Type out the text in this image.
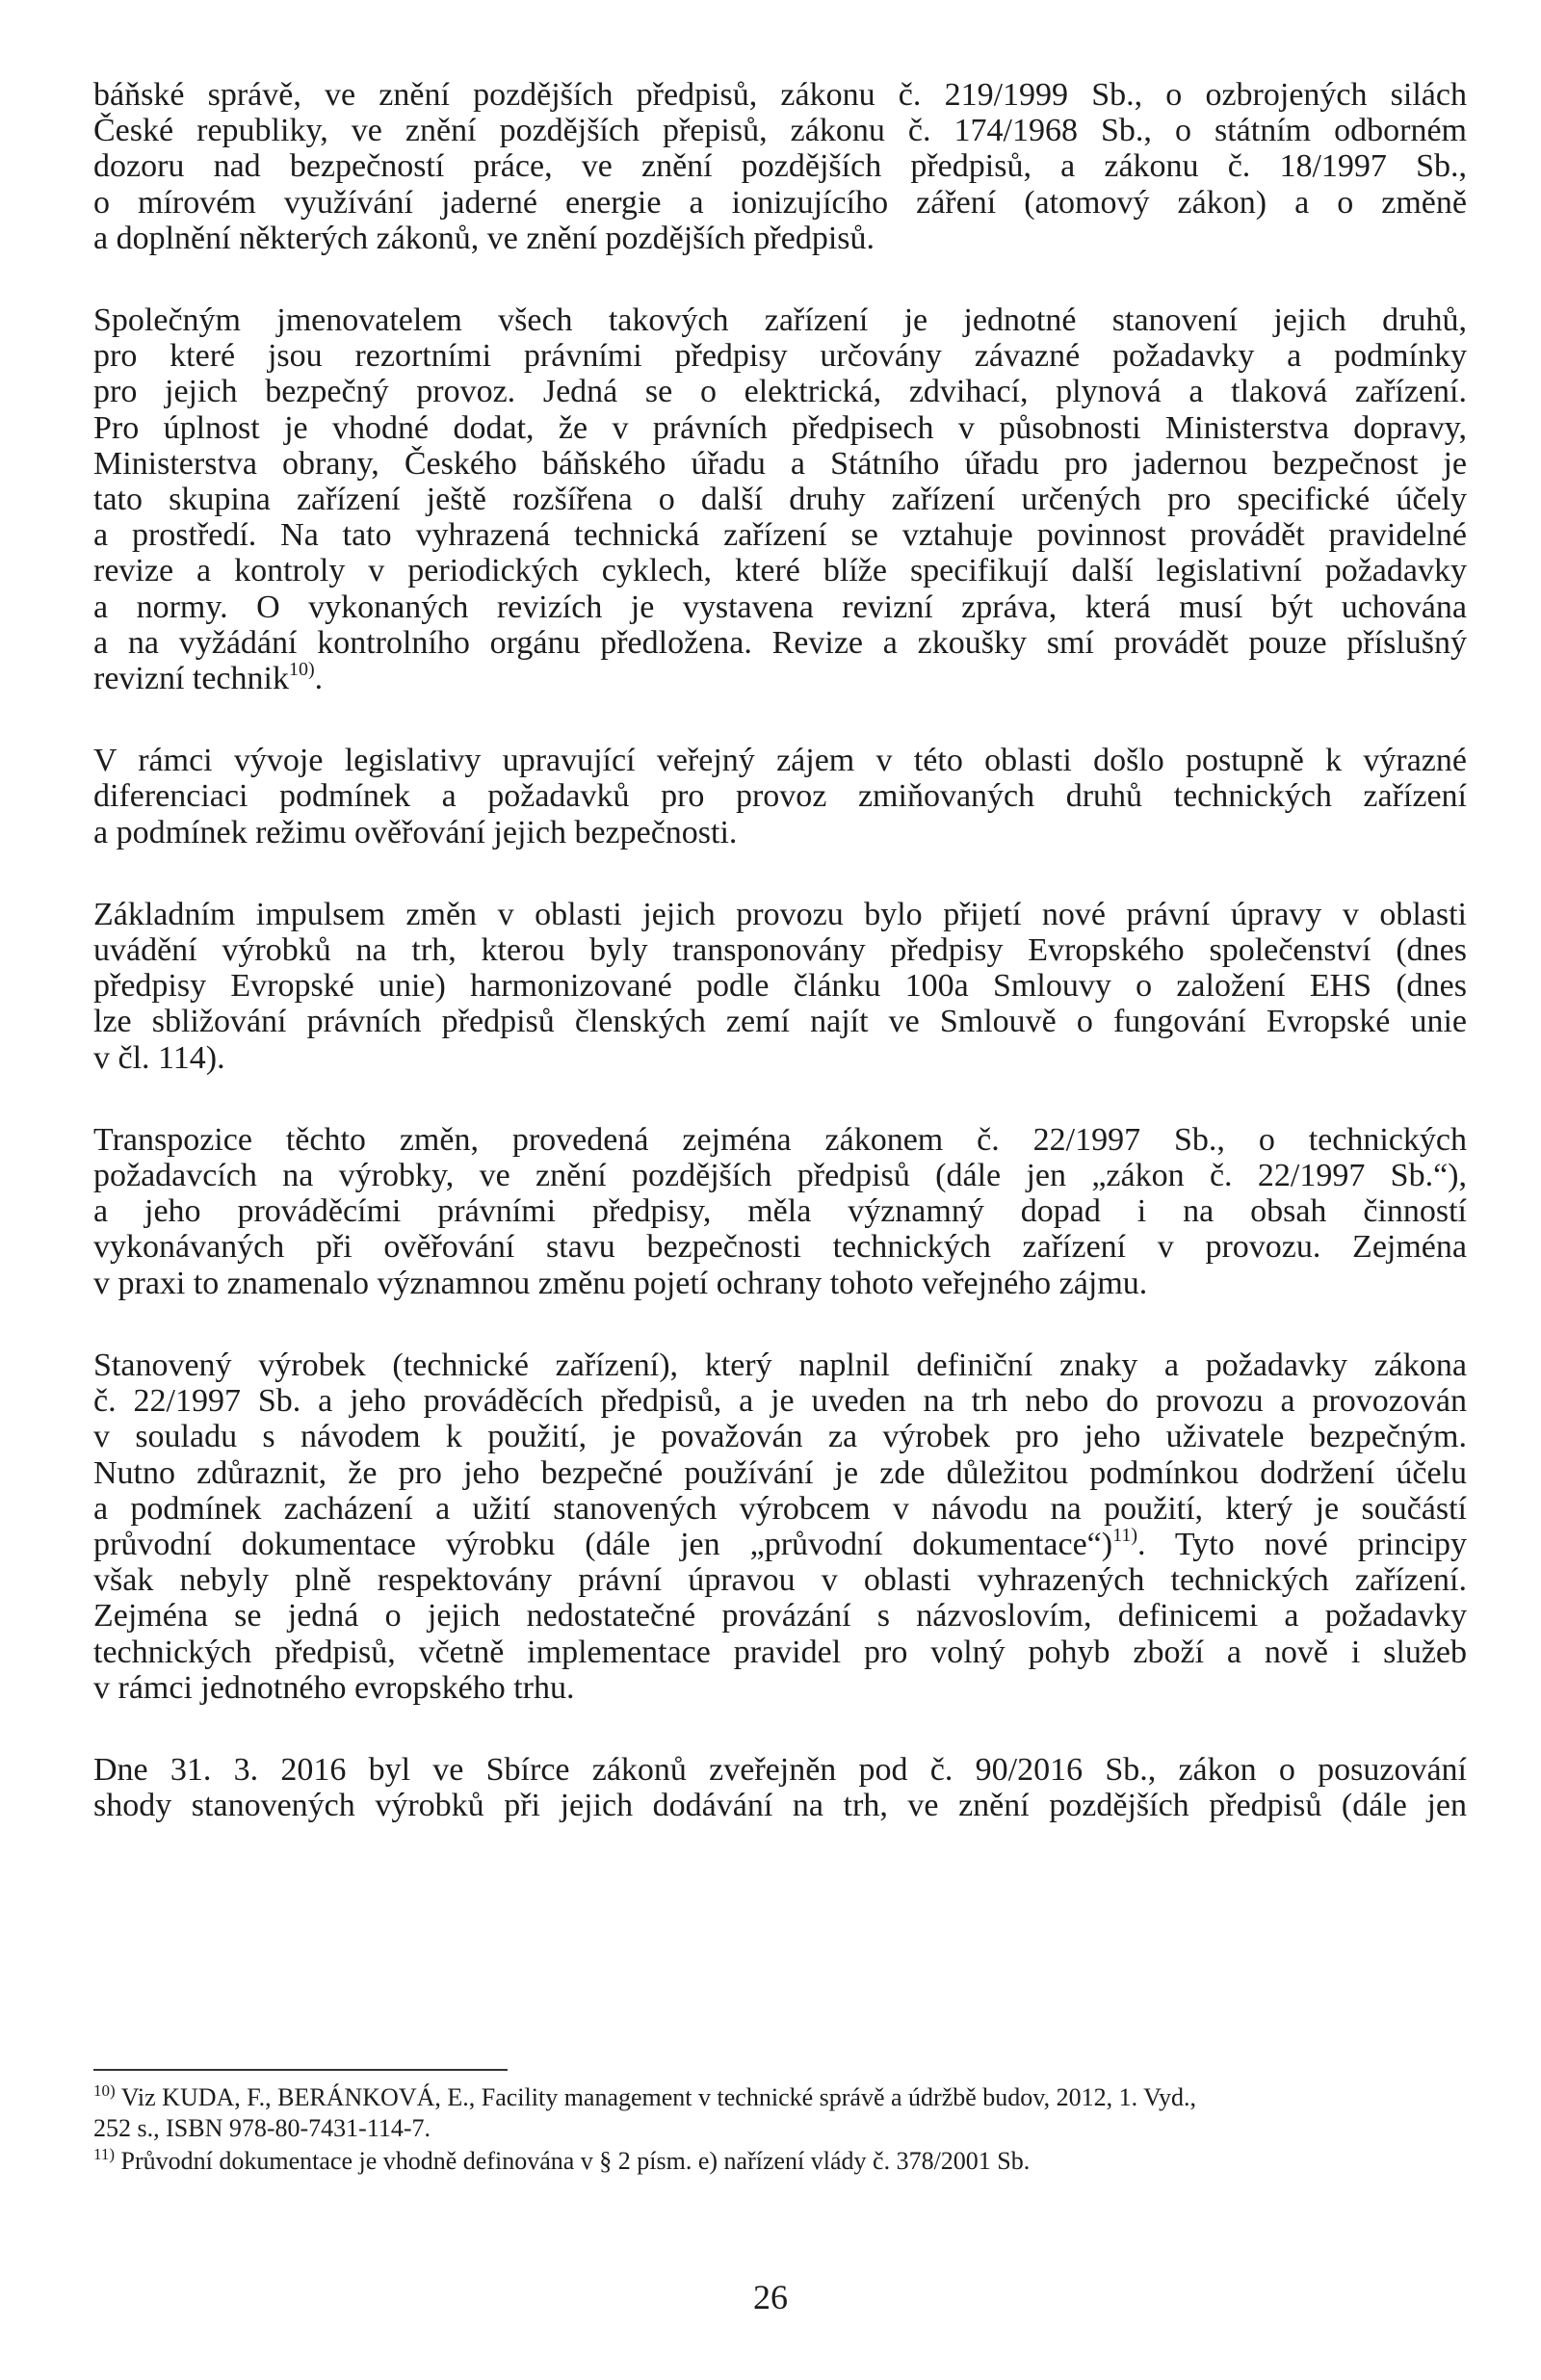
báňské správě, ve znění pozdějších předpisů, zákonu č. 219/1999 Sb., o ozbrojených silách
České republiky, ve znění pozdějších přepisů, zákonu č. 174/1968 Sb., o státním odborném
dozoru nad bezpečností práce, ve znění pozdějších předpisů, a zákonu č. 18/1997 Sb.,
o mírovém využívání jaderné energie a ionizujícího záření (atomový zákon) a o změně
a doplnění některých zákonů, ve znění pozdějších předpisů.
Společným jmenovatelem všech takových zařízení je jednotné stanovení jejich druhů,
pro které jsou rezortními právními předpisy určovány závazné požadavky a podmínky
pro jejich bezpečný provoz. Jedná se o elektrická, zdvihací, plynová a tlaková zařízení.
Pro úplnost je vhodné dodat, že v právních předpisech v působnosti Ministerstva dopravy,
Ministerstva obrany, Českého báňského úřadu a Státního úřadu pro jadernou bezpečnost je
tato skupina zařízení ještě rozšířena o další druhy zařízení určených pro specifické účely
a prostředí. Na tato vyhrazená technická zařízení se vztahuje povinnost provádět pravidelné
revize a kontroly v periodických cyklech, které blíže specifikují další legislativní požadavky
a normy. O vykonaných revizích je vystavena revizní zpráva, která musí být uchována
a na vyžádání kontrolního orgánu předložena. Revize a zkoušky smí provádět pouze příslušný
revizní technik$^{10)}$.
V rámci vývoje legislativy upravující veřejný zájem v této oblasti došlo postupně k výrazné
diferenciaci podmínek a požadavků pro provoz zmiňovaných druhů technických zařízení
a podmínek režimu ověřování jejich bezpečnosti.
Základním impulsem změn v oblasti jejich provozu bylo přijetí nové právní úpravy v oblasti
uvádění výrobků na trh, kterou byly transponovány předpisy Evropského společenství (dnes
předpisy Evropské unie) harmonizované podle článku 100a Smlouvy o založení EHS (dnes
lze sbližování právních předpisů členských zemí najít ve Smlouvě o fungování Evropské unie
v čl. 114).
Transpozice těchto změn, provedená zejména zákonem č. 22/1997 Sb., o technických
požadavcích na výrobky, ve znění pozdějších předpisů (dále jen „zákon č. 22/1997 Sb.“),
a jeho prováděcími právními předpisy, měla významný dopad i na obsah činností
vykonávaných při ověřování stavu bezpečnosti technických zařízení v provozu. Zejména
v praxi to znamenalo významnou změnu pojetí ochrany tohoto veřejného zájmu.
Stanovený výrobek (technické zařízení), který naplnil definiční znaky a požadavky zákona
č. 22/1997 Sb. a jeho prováděcích předpisů, a je uveden na trh nebo do provozu a provozován
v souladu s návodem k použití, je považován za výrobek pro jeho uživatele bezpečným.
Nutno zdůraznit, že pro jeho bezpečné používání je zde důležitou podmínkou dodržení účelu
a podmínek zacházení a užití stanovených výrobcem v návodu na použití, který je součástí
průvodní dokumentace výrobku (dále jen „průvodní dokumentace“)$^{11)}$. Tyto nové principy
však nebyly plně respektovány právní úpravou v oblasti vyhrazených technických zařízení.
Zejména se jedná o jejich nedostatečné provázání s názvoslovím, definicemi a požadavky
technických předpisů, včetně implementace pravidel pro volný pohyb zboží a nově i služeb
v rámci jednotného evropského trhu.
Dne 31. 3. 2016 byl ve Sbírce zákonů zveřejněn pod č. 90/2016 Sb., zákon o posuzování
shody stanovených výrobků při jejich dodávání na trh, ve znění pozdějších předpisů (dále jen
$^{10)}$ Viz KUDA, F., BERÁNKOVÁ, E., Facility management v technické správě a údržbě budov, 2012, 1. Vyd.,
252 s., ISBN 978-80-7431-114-7.
$^{11)}$ Průvodní dokumentace je vhodně definována v § 2 písm. e) nařízení vlády č. 378/2001 Sb.
26
